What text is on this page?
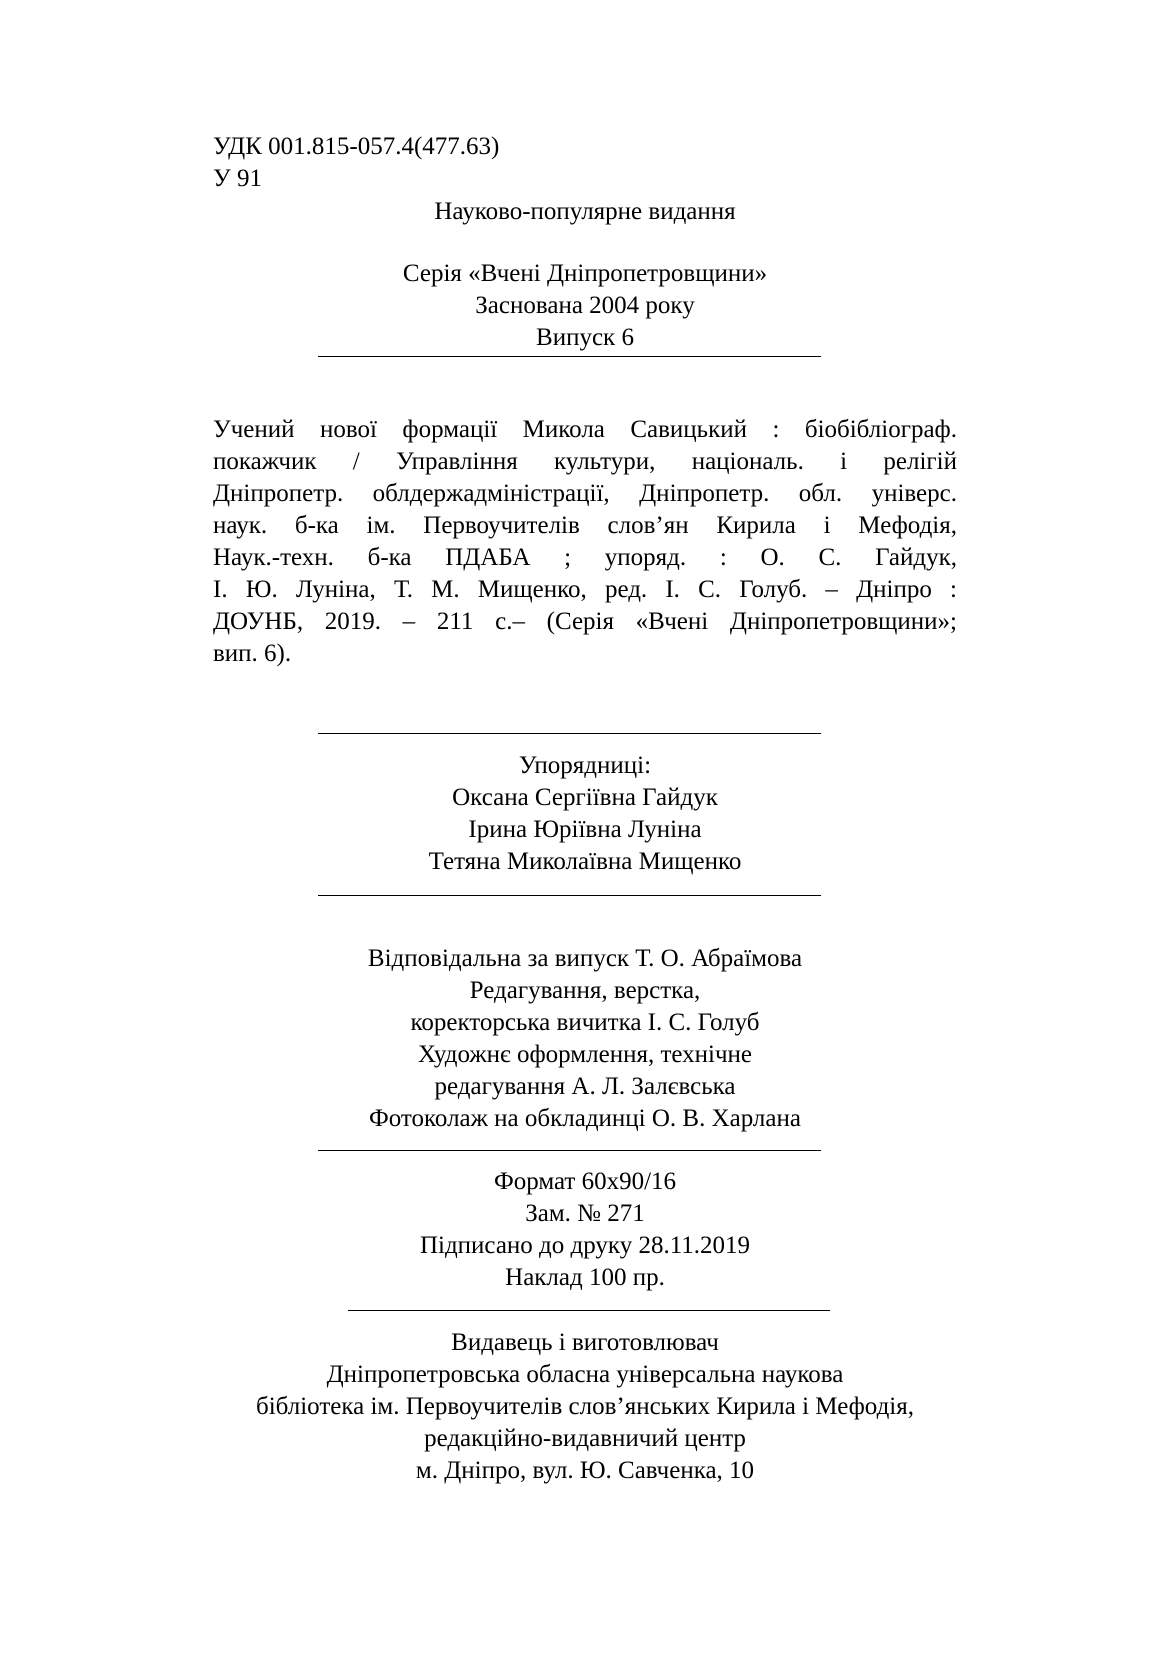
УДК 001.815-057.4(477.63)
У 91
Науково-популярне видання
Серія «Вчені Дніпропетровщини»
Заснована 2004 року
Випуск 6
Учений нової формації Микола Савицький : біобібліограф.
покажчик / Управління культури, національ. і релігій
Дніпропетр. облдержадміністрації, Дніпропетр. обл. універс.
наук. б-ка ім. Первоучителів слов’ян Кирила і Мефодія,
Наук.-техн. б-ка ПДАБА ; упоряд. : О. С. Гайдук,
І. Ю. Луніна, Т. М. Мищенко, ред. І. С. Голуб. – Дніпро :
ДОУНБ, 2019. – 211 с.– (Серія «Вчені Дніпропетровщини»;
вип. 6).
Упорядниці:
Оксана Сергіївна Гайдук
Ірина Юріївна Луніна
Тетяна Миколаївна Мищенко
Відповідальна за випуск Т. О. Абраїмова
Редагування, верстка,
коректорська вичитка І. С. Голуб
Художнє оформлення, технічне
редагування А. Л. Залєвська
Фотоколаж на обкладинці О. В. Харлана
Формат 60х90/16
Зам. № 271
Підписано до друку 28.11.2019
Наклад 100 пр.
Видавець і виготовлювач
Дніпропетровська обласна універсальна наукова
бібліотека ім. Первоучителів слов’янських Кирила і Мефодія,
редакційно-видавничий центр
м. Дніпро, вул. Ю. Савченка, 10
